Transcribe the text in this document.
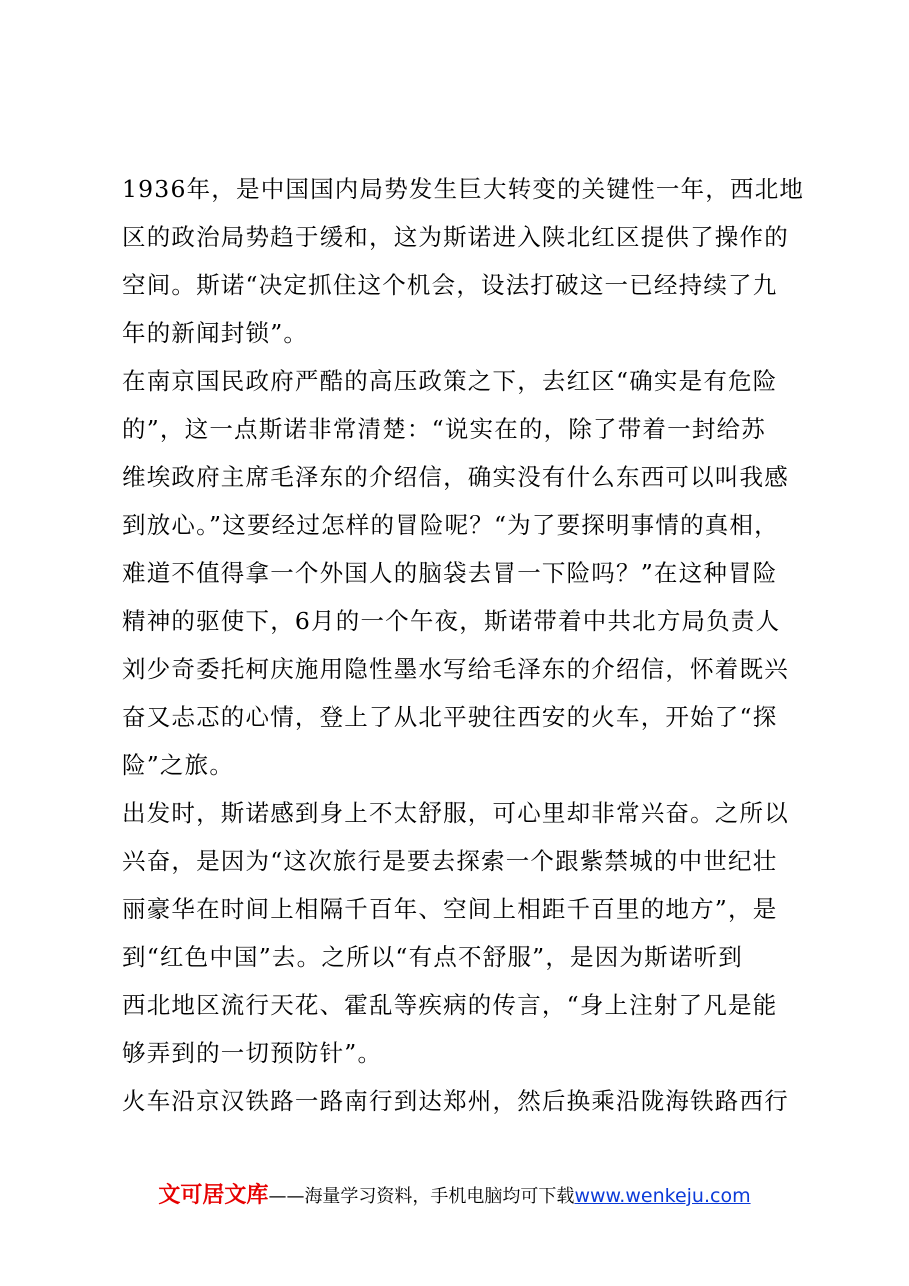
1936年，是中国国内局势发生巨大转变的关键性一年，西北地
区的政治局势趋于缓和，这为斯诺进入陕北红区提供了操作的
空间。斯诺“决定抓住这个机会，设法打破这一已经持续了九
年的新闻封锁”。
在南京国民政府严酷的高压政策之下，去红区“确实是有危险
的”，这一点斯诺非常清楚：“说实在的，除了带着一封给苏
维埃政府主席毛泽东的介绍信，确实没有什么东西可以叫我感
到放心。”这要经过怎样的冒险呢？“为了要探明事情的真相，
难道不值得拿一个外国人的脑袋去冒一下险吗？”在这种冒险
精神的驱使下，6月的一个午夜，斯诺带着中共北方局负责人
刘少奇委托柯庆施用隐性墨水写给毛泽东的介绍信，怀着既兴
奋又忐忑的心情，登上了从北平驶往西安的火车，开始了“探
险”之旅。
出发时，斯诺感到身上不太舒服，可心里却非常兴奋。之所以
兴奋，是因为“这次旅行是要去探索一个跟紫禁城的中世纪壮
丽豪华在时间上相隔千百年、空间上相距千百里的地方”，是
到“红色中国”去。之所以“有点不舒服”，是因为斯诺听到
西北地区流行天花、霍乱等疾病的传言，“身上注射了凡是能
够弄到的一切预防针”。
火车沿京汉铁路一路南行到达郑州，然后换乘沿陇海铁路西行
文可居文库——海量学习资料，手机电脑均可下载www.wenkeju.com
